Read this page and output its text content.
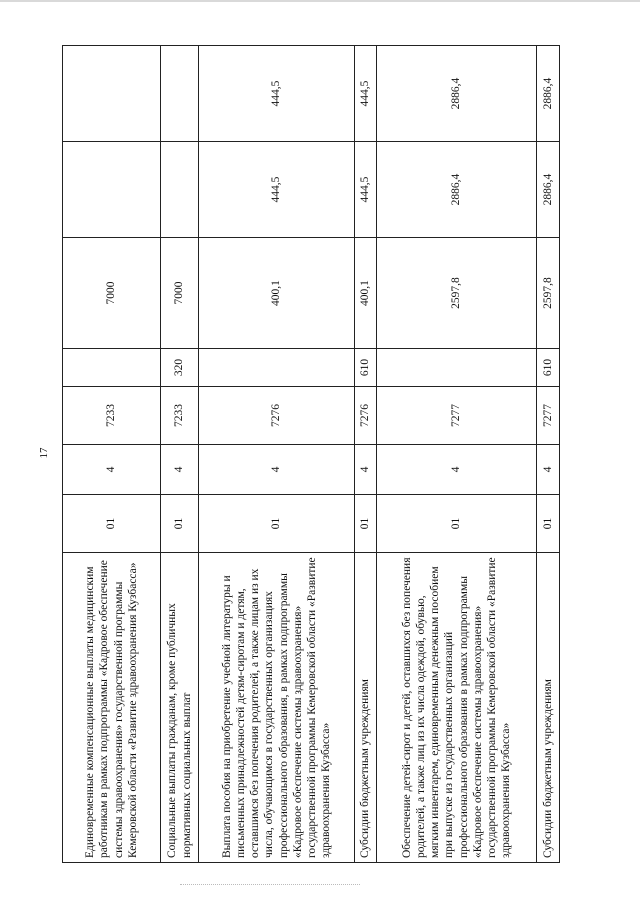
17
Единовременные компенсационные выплаты медицинским работникам в рамках подпрограммы «Кадровое обеспечение системы здравоохранения» государственной программы Кемеровской области «Развитие здравоохранения Кузбасса»	01	4	7233		7000		
Социальные выплаты гражданам, кроме публичных нормативных социальных выплат	01	4	7233	320	7000		
Выплата пособия на приобретение учебной литературы и письменных принадлежностей детям-сиротам и детям, оставшимся без попечения родителей, а также лицам из их числа, обучающимся в государственных организациях профессионального образования, в рамках подпрограммы «Кадровое обеспечение системы здравоохранения» государственной программы Кемеровской области «Развитие здравоохранения Кузбасса»	01	4	7276		400,1	444,5	444,5
Субсидии бюджетным учреждениям	01	4	7276	610	400,1	444,5	444,5
Обеспечение детей-сирот и детей, оставшихся без попечения родителей, а также лиц из их числа одеждой, обувью, мягким инвентарем, единовременным денежным пособием при выпуске из государственных организаций профессионального образования в рамках подпрограммы «Кадровое обеспечение системы здравоохранения» государственной программы Кемеровской области «Развитие здравоохранения Кузбасса»	01	4	7277		2597,8	2886,4	2886,4
Субсидии бюджетным учреждениям	01	4	7277	610	2597,8	2886,4	2886,4
